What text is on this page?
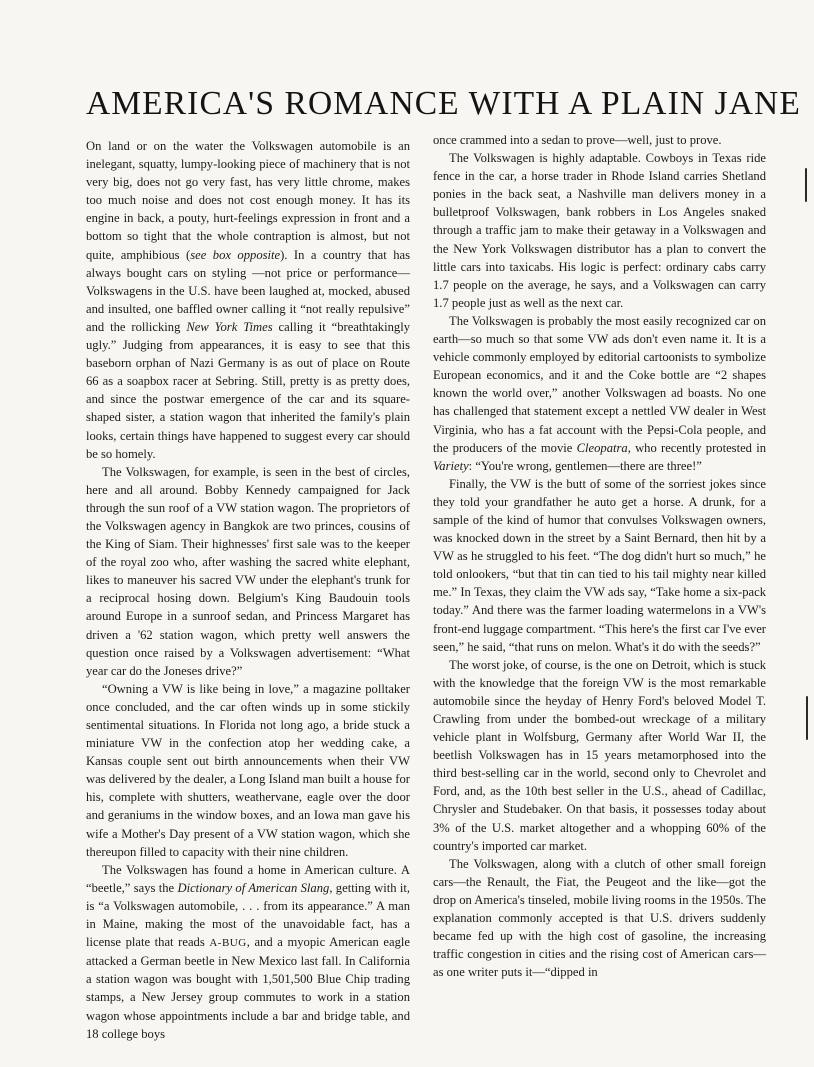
AMERICA'S ROMANCE WITH A PLAIN JANE

On land or on the water the Volkswagen automobile is an inelegant, squatty, lumpy-looking piece of machinery that is not very big, does not go very fast, has very little chrome, makes too much noise and does not cost enough money. It has its engine in back, a pouty, hurt-feelings expression in front and a bottom so tight that the whole contraption is almost, but not quite, amphibious (see box opposite). In a country that has always bought cars on styling —not price or performance—Volkswagens in the U.S. have been laughed at, mocked, abused and insulted, one baffled owner calling it “not really repulsive” and the rollicking New York Times calling it “breathtakingly ugly.” Judging from appearances, it is easy to see that this baseborn orphan of Nazi Germany is as out of place on Route 66 as a soapbox racer at Sebring. Still, pretty is as pretty does, and since the postwar emergence of the car and its square-shaped sister, a station wagon that inherited the family's plain looks, certain things have happened to suggest every car should be so homely.

The Volkswagen, for example, is seen in the best of circles, here and all around. Bobby Kennedy campaigned for Jack through the sun roof of a VW station wagon. The proprietors of the Volkswagen agency in Bangkok are two princes, cousins of the King of Siam. Their highnesses' first sale was to the keeper of the royal zoo who, after washing the sacred white elephant, likes to maneuver his sacred VW under the elephant's trunk for a reciprocal hosing down. Belgium's King Baudouin tools around Europe in a sunroof sedan, and Princess Margaret has driven a '62 station wagon, which pretty well answers the question once raised by a Volkswagen advertisement: “What year car do the Joneses drive?”

“Owning a VW is like being in love,” a magazine polltaker once concluded, and the car often winds up in some stickily sentimental situations. In Florida not long ago, a bride stuck a miniature VW in the confection atop her wedding cake, a Kansas couple sent out birth announcements when their VW was delivered by the dealer, a Long Island man built a house for his, complete with shutters, weathervane, eagle over the door and geraniums in the window boxes, and an Iowa man gave his wife a Mother's Day present of a VW station wagon, which she thereupon filled to capacity with their nine children.

The Volkswagen has found a home in American culture. A “beetle,” says the Dictionary of American Slang, getting with it, is “a Volkswagen automobile, . . . from its appearance.” A man in Maine, making the most of the unavoidable fact, has a license plate that reads A-BUG, and a myopic American eagle attacked a German beetle in New Mexico last fall. In California a station wagon was bought with 1,501,500 Blue Chip trading stamps, a New Jersey group commutes to work in a station wagon whose appointments include a bar and bridge table, and 18 college boys

once crammed into a sedan to prove—well, just to prove.

The Volkswagen is highly adaptable. Cowboys in Texas ride fence in the car, a horse trader in Rhode Island carries Shetland ponies in the back seat, a Nashville man delivers money in a bulletproof Volkswagen, bank robbers in Los Angeles snaked through a traffic jam to make their getaway in a Volkswagen and the New York Volkswagen distributor has a plan to convert the little cars into taxicabs. His logic is perfect: ordinary cabs carry 1.7 people on the average, he says, and a Volkswagen can carry 1.7 people just as well as the next car.

The Volkswagen is probably the most easily recognized car on earth—so much so that some VW ads don't even name it. It is a vehicle commonly employed by editorial cartoonists to symbolize European economics, and it and the Coke bottle are “2 shapes known the world over,” another Volkswagen ad boasts. No one has challenged that statement except a nettled VW dealer in West Virginia, who has a fat account with the Pepsi-Cola people, and the producers of the movie Cleopatra, who recently protested in Variety: “You're wrong, gentlemen—there are three!”

Finally, the VW is the butt of some of the sorriest jokes since they told your grandfather he auto get a horse. A drunk, for a sample of the kind of humor that convulses Volkswagen owners, was knocked down in the street by a Saint Bernard, then hit by a VW as he struggled to his feet. “The dog didn't hurt so much,” he told onlookers, “but that tin can tied to his tail mighty near killed me.” In Texas, they claim the VW ads say, “Take home a six-pack today.” And there was the farmer loading watermelons in a VW's front-end luggage compartment. “This here's the first car I've ever seen,” he said, “that runs on melon. What's it do with the seeds?”

The worst joke, of course, is the one on Detroit, which is stuck with the knowledge that the foreign VW is the most remarkable automobile since the heyday of Henry Ford's beloved Model T. Crawling from under the bombed-out wreckage of a military vehicle plant in Wolfsburg, Germany after World War II, the beetlish Volkswagen has in 15 years metamorphosed into the third best-selling car in the world, second only to Chevrolet and Ford, and, as the 10th best seller in the U.S., ahead of Cadillac, Chrysler and Studebaker. On that basis, it possesses today about 3% of the U.S. market altogether and a whopping 60% of the country's imported car market.

The Volkswagen, along with a clutch of other small foreign cars—the Renault, the Fiat, the Peugeot and the like—got the drop on America's tinseled, mobile living rooms in the 1950s. The explanation commonly accepted is that U.S. drivers suddenly became fed up with the high cost of gasoline, the increasing traffic congestion in cities and the rising cost of American cars—as one writer puts it—“dipped in
